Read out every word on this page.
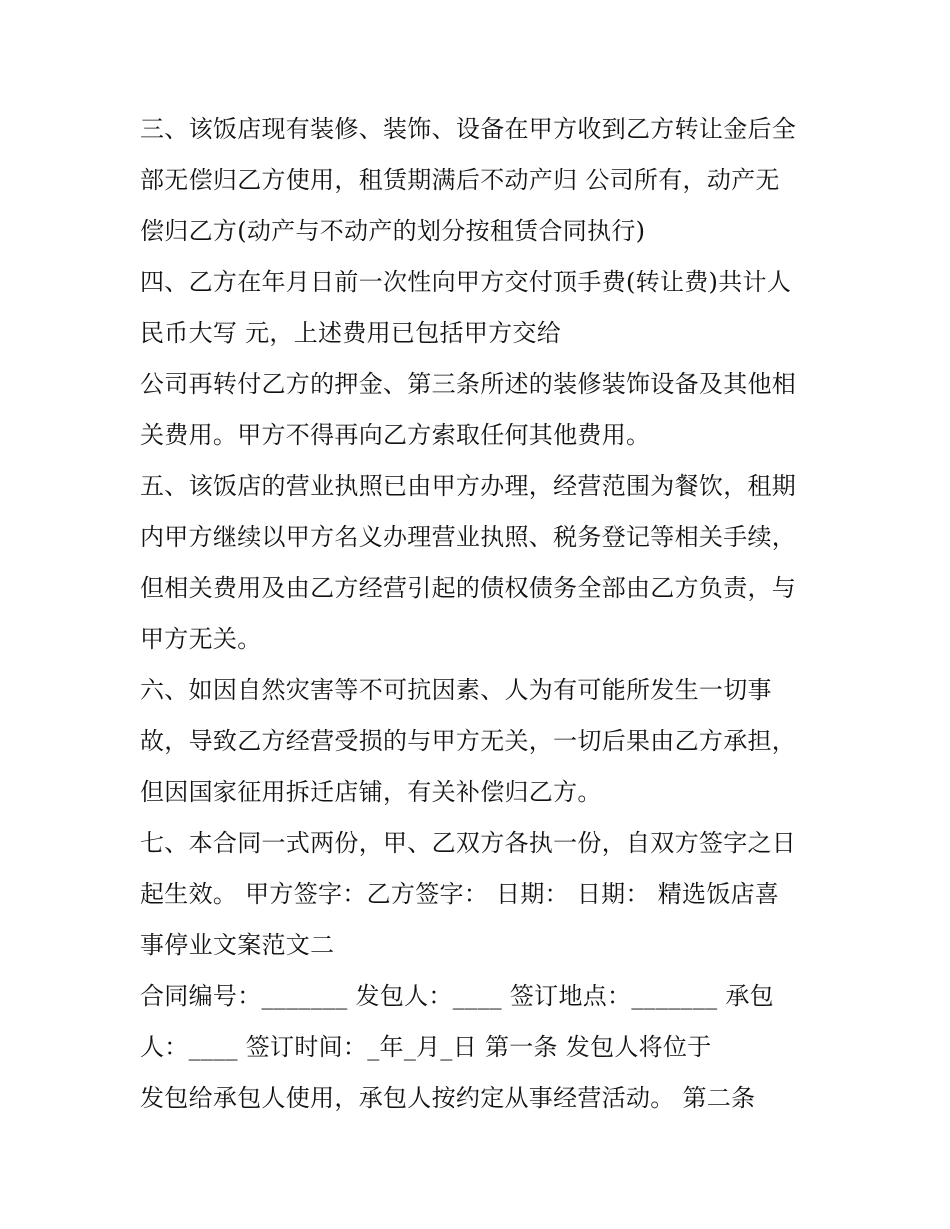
三、该饭店现有装修、装饰、设备在甲方收到乙方转让金后全

部无偿归乙方使用，租赁期满后不动产归 公司所有，动产无

偿归乙方(动产与不动产的划分按租赁合同执行)

四、乙方在年月日前一次性向甲方交付顶手费(转让费)共计人

民币大写 元，上述费用已包括甲方交给

公司再转付乙方的押金、第三条所述的装修装饰设备及其他相

关费用。甲方不得再向乙方索取任何其他费用。

五、该饭店的营业执照已由甲方办理，经营范围为餐饮，租期

内甲方继续以甲方名义办理营业执照、税务登记等相关手续，

但相关费用及由乙方经营引起的债权债务全部由乙方负责，与

甲方无关。

六、如因自然灾害等不可抗因素、人为有可能所发生一切事

故，导致乙方经营受损的与甲方无关，一切后果由乙方承担，

但因国家征用拆迁店铺，有关补偿归乙方。

七、本合同一式两份，甲、乙双方各执一份，自双方签字之日

起生效。 甲方签字：乙方签字： 日期： 日期： 精选饭店喜

事停业文案范文二

合同编号：_______ 发包人：____ 签订地点：_______ 承包

人：____ 签订时间：_年_月_日 第一条 发包人将位于

发包给承包人使用，承包人按约定从事经营活动。 第二条
